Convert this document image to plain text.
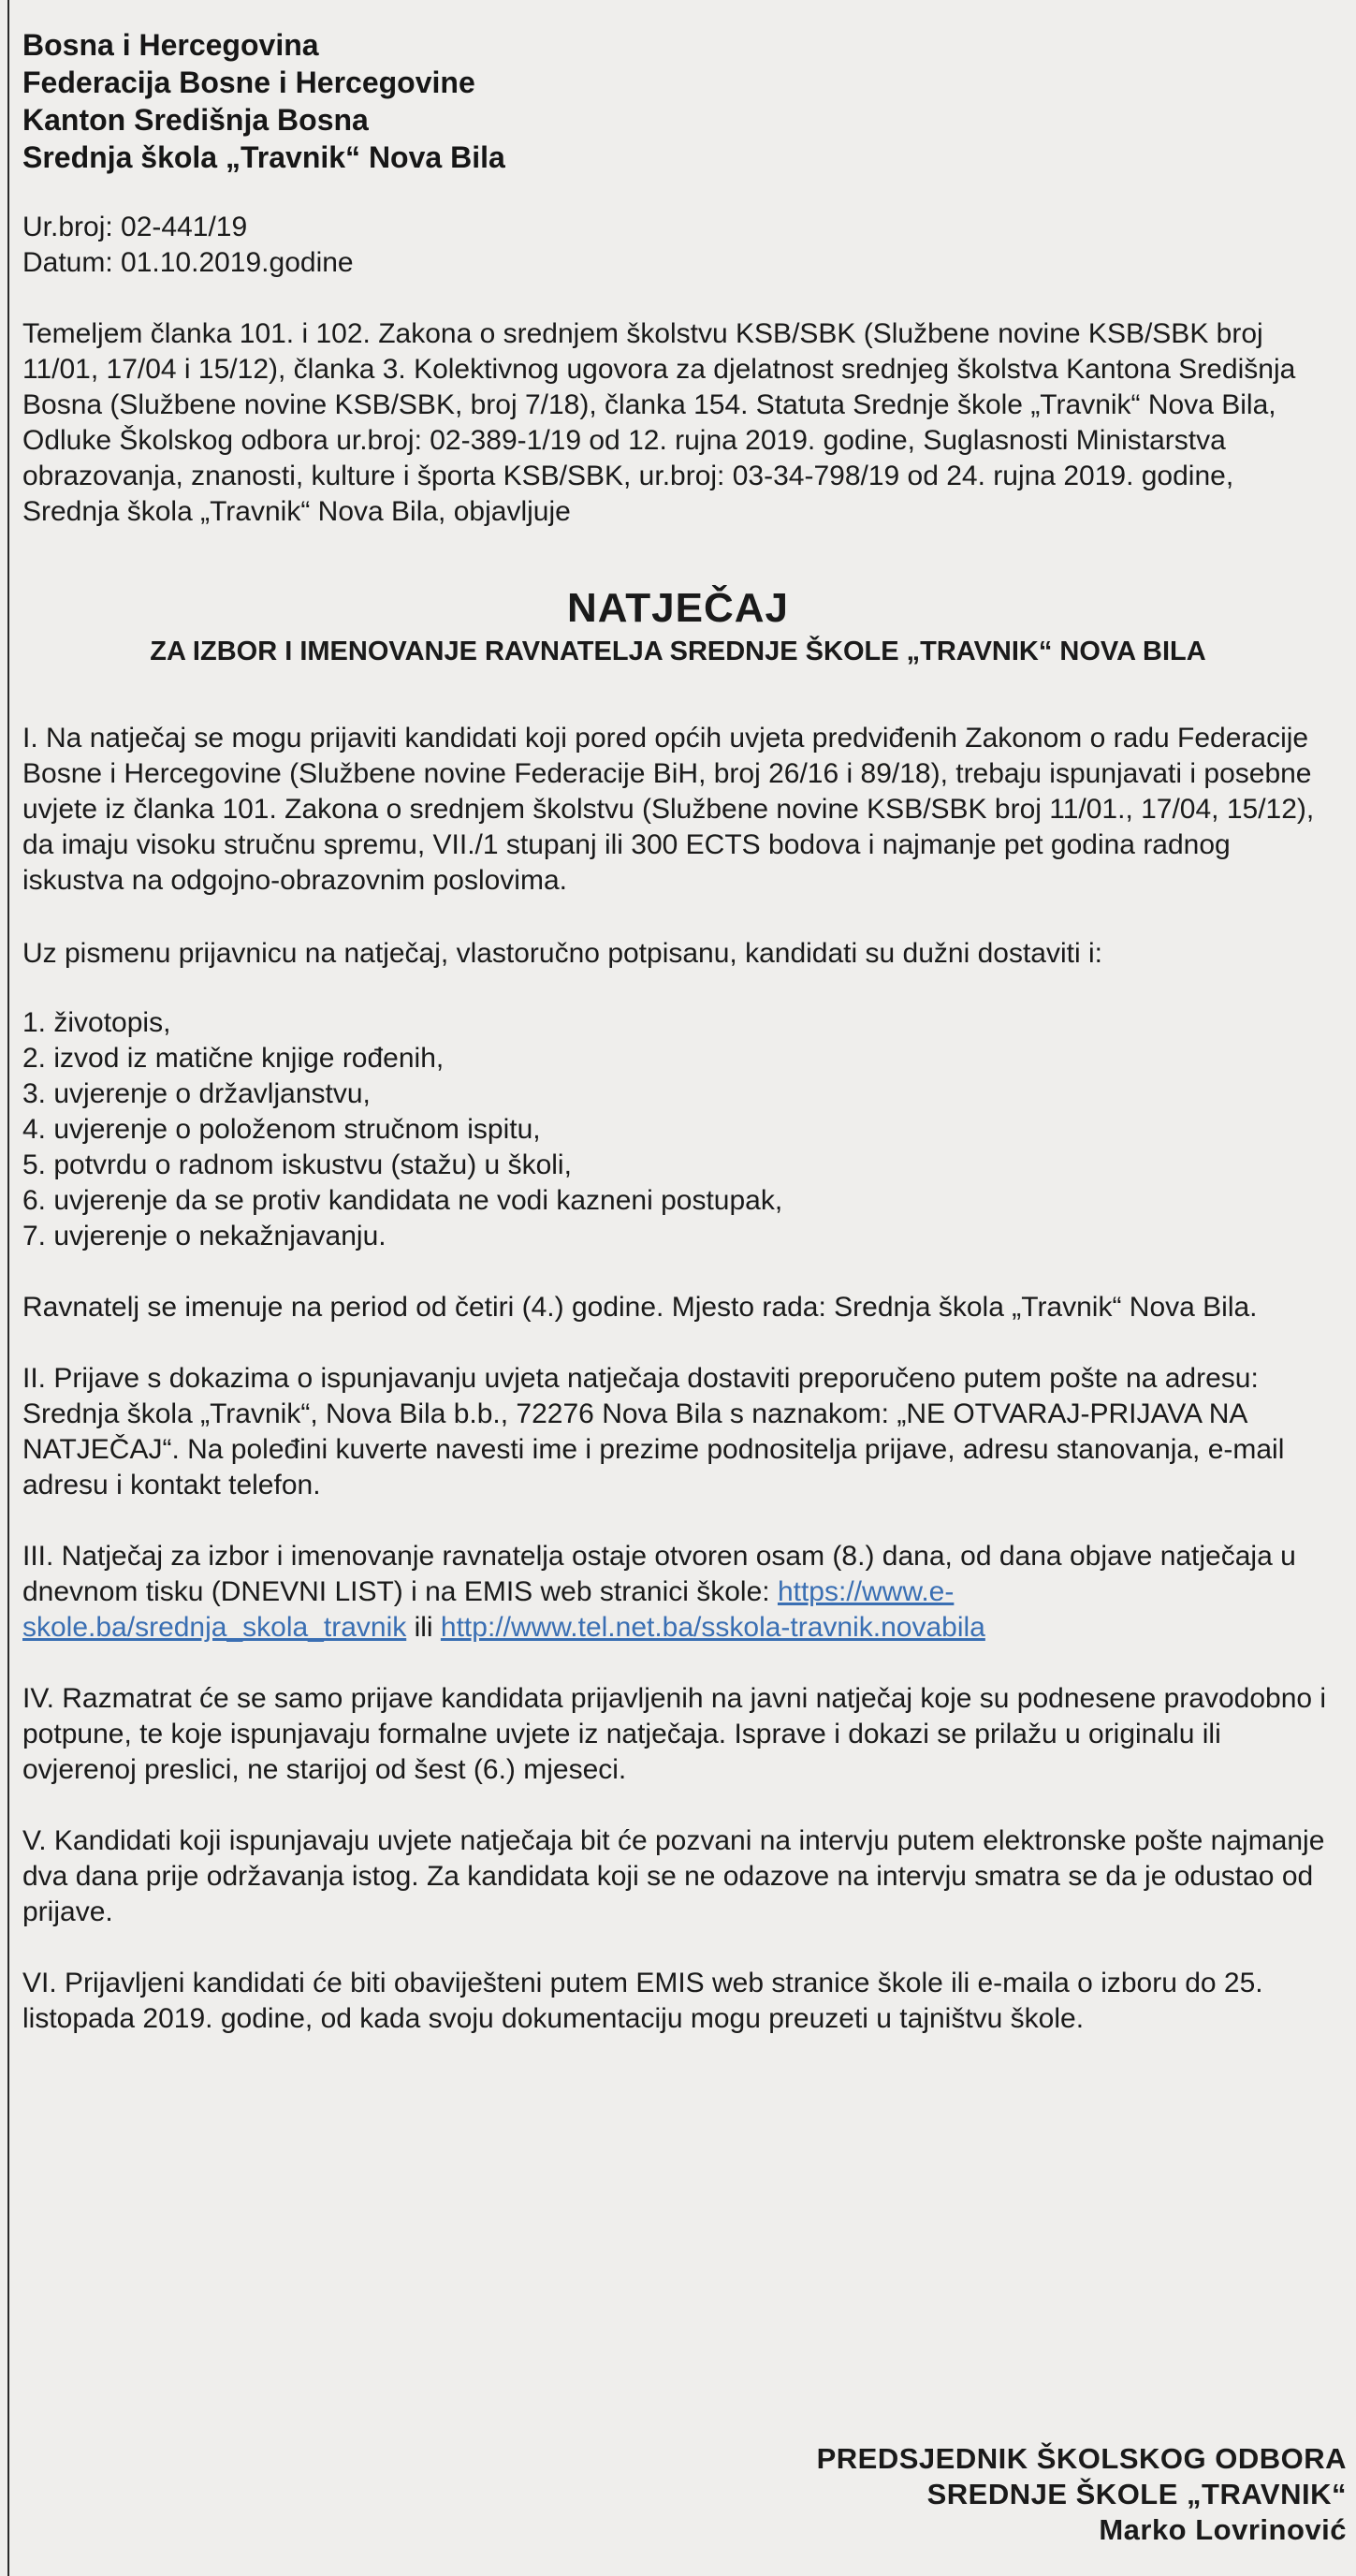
Bosna i Hercegovina
Federacija Bosne i Hercegovine
Kanton Središnja Bosna
Srednja škola „Travnik“ Nova Bila
Ur.broj: 02-441/19
Datum: 01.10.2019.godine
Temeljem članka 101. i 102. Zakona o srednjem školstvu KSB/SBK (Službene novine KSB/SBK broj 11/01, 17/04 i 15/12), članka 3. Kolektivnog ugovora za djelatnost srednjeg školstva Kantona Središnja Bosna (Službene novine KSB/SBK, broj 7/18), članka 154. Statuta Srednje škole „Travnik“ Nova Bila, Odluke Školskog odbora ur.broj: 02-389-1/19 od 12. rujna 2019. godine, Suglasnosti Ministarstva obrazovanja, znanosti, kulture i športa KSB/SBK, ur.broj: 03-34-798/19 od 24. rujna 2019. godine, Srednja škola „Travnik“ Nova Bila, objavljuje
NATJEČAJ
ZA IZBOR I IMENOVANJE RAVNATELJA SREDNJE ŠKOLE „TRAVNIK“ NOVA BILA
I. Na natječaj se mogu prijaviti kandidati koji pored općih uvjeta predviđenih Zakonom o radu Federacije Bosne i Hercegovine (Službene novine Federacije BiH, broj 26/16 i 89/18), trebaju ispunjavati i posebne uvjete iz članka 101. Zakona o srednjem školstvu (Službene novine KSB/SBK broj 11/01., 17/04, 15/12), da imaju visoku stručnu spremu, VII./1 stupanj ili 300 ECTS bodova i najmanje pet godina radnog iskustva na odgojno-obrazovnim poslovima.
Uz pismenu prijavnicu na natječaj, vlastoručno potpisanu, kandidati su dužni dostaviti i:
1. životopis,
2. izvod iz matične knjige rođenih,
3. uvjerenje o državljanstvu,
4. uvjerenje o položenom stručnom ispitu,
5. potvrdu o radnom iskustvu (stažu) u školi,
6. uvjerenje da se protiv kandidata ne vodi kazneni postupak,
7. uvjerenje o nekažnjavanju.
Ravnatelj se imenuje na period od četiri (4.) godine. Mjesto rada: Srednja škola „Travnik“ Nova Bila.
II. Prijave s dokazima o ispunjavanju uvjeta natječaja dostaviti preporučeno putem pošte na adresu: Srednja škola „Travnik“, Nova Bila b.b., 72276 Nova Bila s naznakom: „NE OTVARAJ-PRIJAVA NA NATJEČAJ“. Na poleđini kuverte navesti ime i prezime podnositelja prijave, adresu stanovanja, e-mail adresu i kontakt telefon.
III. Natječaj za izbor i imenovanje ravnatelja ostaje otvoren osam (8.) dana, od dana objave natječaja u dnevnom tisku (DNEVNI LIST) i na EMIS web stranici škole: https://www.e-skole.ba/srednja_skola_travnik ili http://www.tel.net.ba/sskola-travnik.novabila
IV. Razmatrat će se samo prijave kandidata prijavljenih na javni natječaj koje su podnesene pravodobno i potpune, te koje ispunjavaju formalne uvjete iz natječaja. Isprave i dokazi se prilažu u originalu ili ovjerenoj preslici, ne starijoj od šest (6.) mjeseci.
V. Kandidati koji ispunjavaju uvjete natječaja bit će pozvani na intervju putem elektronske pošte najmanje dva dana prije održavanja istog. Za kandidata koji se ne odazove na intervju smatra se da je odustao od prijave.
VI. Prijavljeni kandidati će biti obaviješteni putem EMIS web stranice škole ili e-maila o izboru do 25. listopada 2019. godine, od kada svoju dokumentaciju mogu preuzeti u tajništvu škole.
PREDSJEDNIK ŠKOLSKOG ODBORA
SREDNJE ŠKOLE „TRAVNIK“
Marko Lovrinović
